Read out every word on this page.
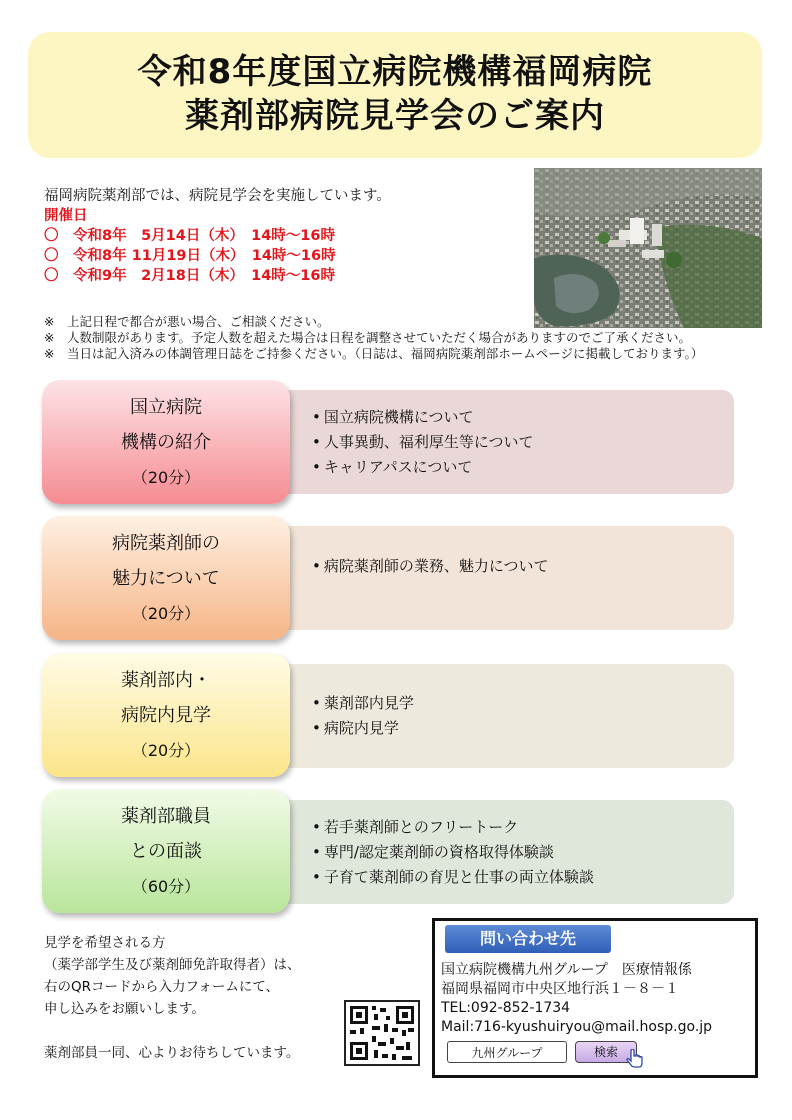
令和8年度国立病院機構福岡病院
薬剤部病院見学会のご案内
福岡病院薬剤部では、病院見学会を実施しています。
開催日
〇　令和8年　5月14日（木）　14時～16時
〇　令和8年 11月19日（木）　14時～16時
〇　令和9年　2月18日（木）　14時～16時
※　上記日程で都合が悪い場合、ご相談ください。
※　人数制限があります。予定人数を超えた場合は日程を調整させていただく場合がありますのでご了承ください。
※　当日は記入済みの体調管理日誌をご持参ください。（日誌は、福岡病院薬剤部ホームページに掲載しております。）
• 国立病院機構について
• 人事異動、福利厚生等について
• キャリアパスについて
国立病院
機構の紹介
（20分）
• 病院薬剤師の業務、魅力について
病院薬剤師の
魅力について
（20分）
• 薬剤部内見学
• 病院内見学
薬剤部内・
病院内見学
（20分）
• 若手薬剤師とのフリートーク
• 専門/認定薬剤師の資格取得体験談
• 子育て薬剤師の育児と仕事の両立体験談
薬剤部職員
との面談
（60分）
見学を希望される方
（薬学部学生及び薬剤師免許取得者）は、
右のQRコードから入力フォームにて、
申し込みをお願いします。
薬剤部員一同、心よりお待ちしています。
問い合わせ先
国立病院機構九州グループ　医療情報係
福岡県福岡市中央区地行浜１－８－１
TEL:092-852-1734
Mail:716-kyushuiryou@mail.hosp.go.jp
九州グループ	検索
